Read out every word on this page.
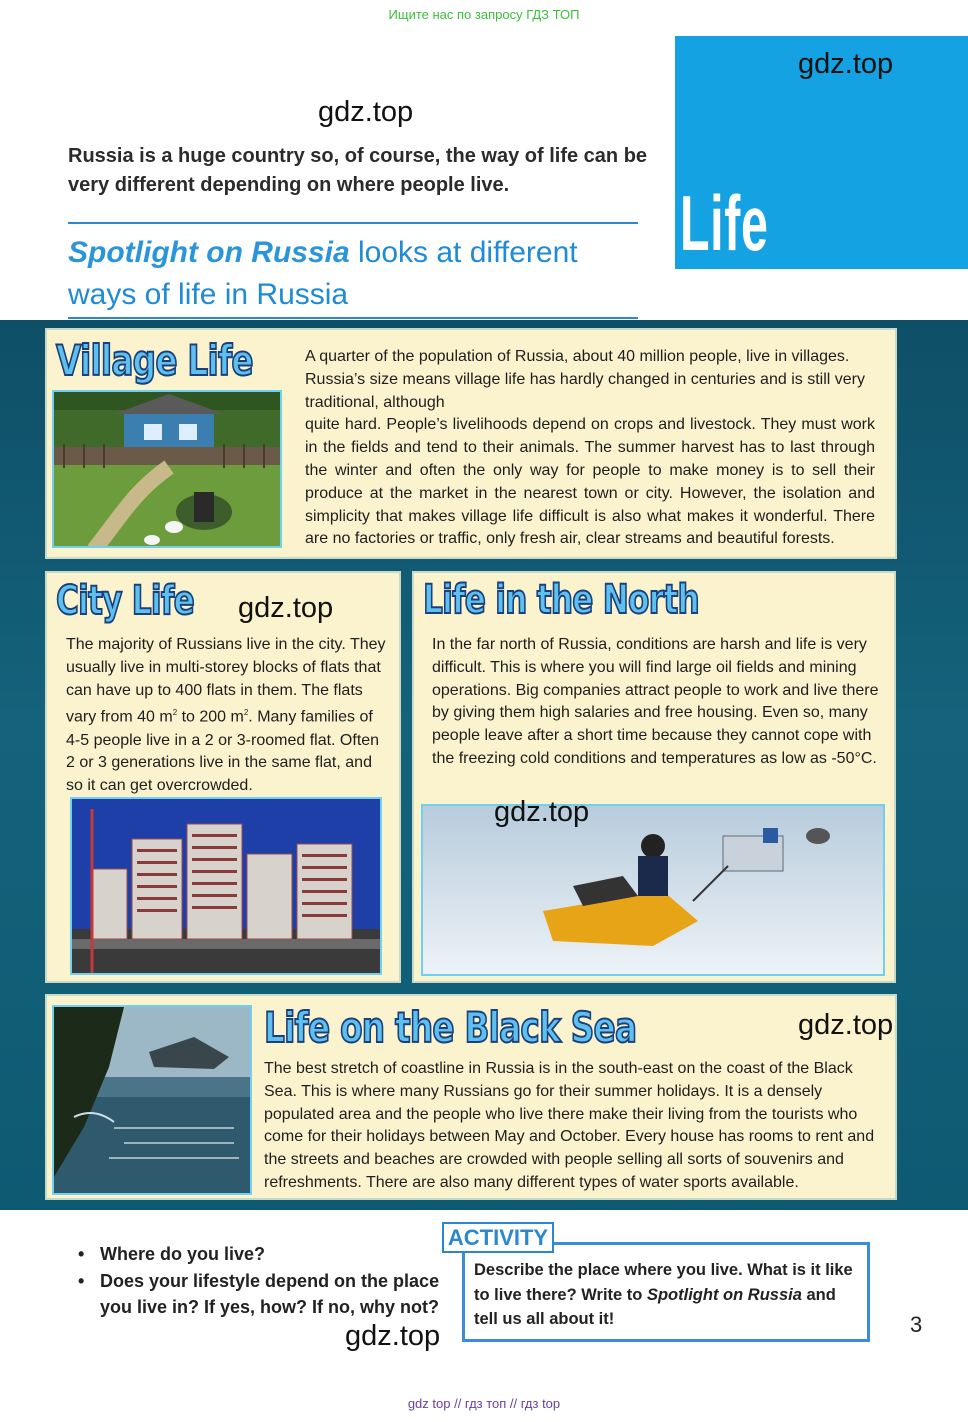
Ищите нас по запросу ГДЗ ТОП
gdz.top
Russia is a huge country so, of course, the way of life can be very different depending on where people live.
Spotlight on Russia looks at different ways of life in Russia
gdz.top
Life
Village Life	A quarter of the population of Russia, about 40 million people, live in villages. Russia’s size means village life has hardly changed in centuries and is still very traditional, although
quite hard. People’s livelihoods depend on crops and livestock. They must work in the fields and tend to their animals. The summer harvest has to last through the winter and often the only way for people to make money is to sell their produce at the market in the nearest town or city. However, the isolation and simplicity that makes village life difficult is also what makes it wonderful. There are no factories or traffic, only fresh air, clear streams and beautiful forests.
City Life gdz.top
The majority of Russians live in the city. They usually live in multi-storey blocks of flats that can have up to 400 flats in them. The flats vary from 40 $m^2$ to 200 $m^2$. Many families of 4-5 people live in a 2 or 3-roomed flat. Often 2 or 3 generations live in the same flat, and so it can get overcrowded.
Life in the North
In the far north of Russia, conditions are harsh and life is very difficult. This is where you will find large oil fields and mining operations. Big companies attract people to work and live there by giving them high salaries and free housing. Even so, many people leave after a short time because they cannot cope with the freezing cold conditions and temperatures as low as -50°C.
gdz.top
Life on the Black Sea	gdz.top
The best stretch of coastline in Russia is in the south-east on the coast of the Black Sea. This is where many Russians go for their summer holidays. It is a densely populated area and the people who live there make their living from the tourists who come for their holidays between May and October. Every house has rooms to rent and the streets and beaches are crowded with people selling all sorts of souvenirs and refreshments. There are also many different types of water sports available.
• Where do you live?
• Does your lifestyle depend on the place you live in? If yes, how? If no, why not?
gdz.top
ACTIVITY
Describe the place where you live. What is it like to live there? Write to Spotlight on Russia and tell us all about it!	3
gdz top // гдз топ // гдз top
